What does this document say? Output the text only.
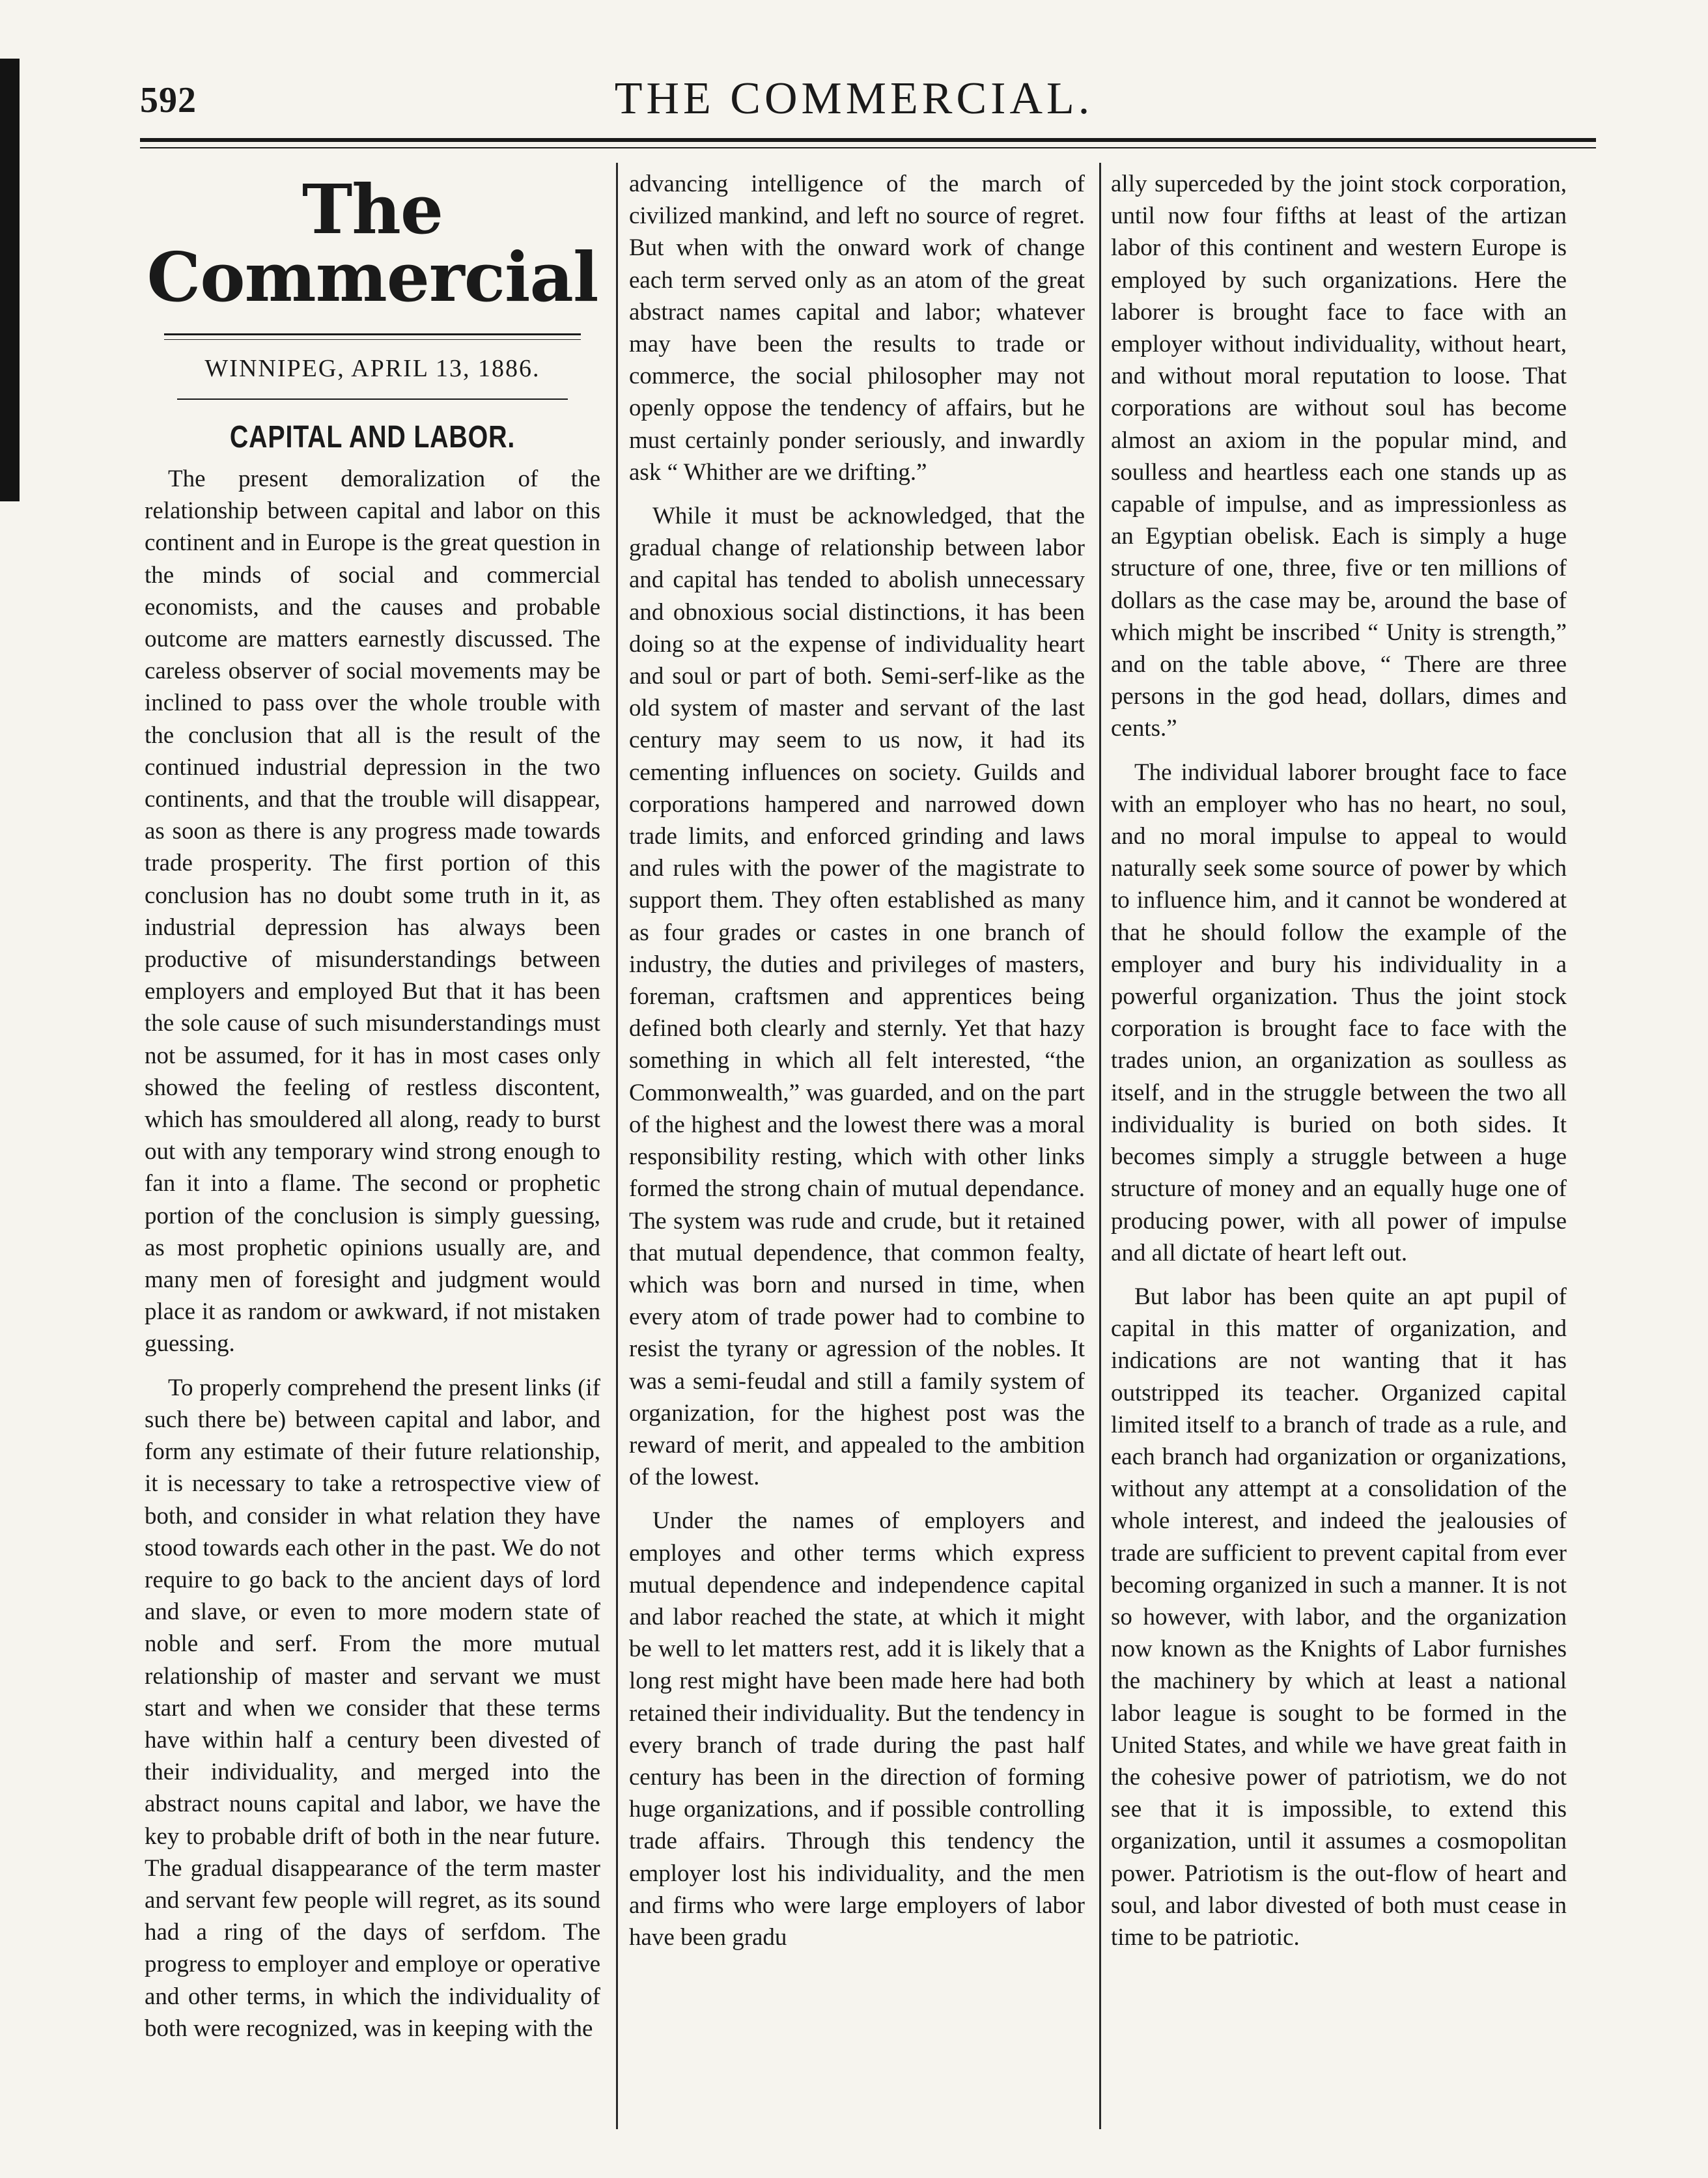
592	THE COMMERCIAL.
The Commercial
WINNIPEG, APRIL 13, 1886.
CAPITAL AND LABOR.

The present demoralization of the relationship between capital and labor on this continent and in Europe is the great question in the minds of social and commercial economists, and the causes and probable outcome are matters earnestly discussed. The careless observer of social movements may be inclined to pass over the whole trouble with the conclusion that all is the result of the continued industrial depression in the two continents, and that the trouble will disappear, as soon as there is any progress made towards trade prosperity. The first portion of this conclusion has no doubt some truth in it, as industrial depression has always been productive of misunderstandings between employers and employed But that it has been the sole cause of such misunderstandings must not be assumed, for it has in most cases only showed the feeling of restless discontent, which has smouldered all along, ready to burst out with any temporary wind strong enough to fan it into a flame. The second or prophetic portion of the conclusion is simply guessing, as most prophetic opinions usually are, and many men of foresight and judgment would place it as random or awkward, if not mistaken guessing.

To properly comprehend the present links (if such there be) between capital and labor, and form any estimate of their future relationship, it is necessary to take a retrospective view of both, and consider in what relation they have stood towards each other in the past. We do not require to go back to the ancient days of lord and slave, or even to more modern state of noble and serf. From the more mutual relationship of master and servant we must start and when we consider that these terms have within half a century been divested of their individuality, and merged into the abstract nouns capital and labor, we have the key to probable drift of both in the near future. The gradual disappearance of the term master and servant few people will regret, as its sound had a ring of the days of serfdom. The progress to employer and employe or operative and other terms, in which the individuality of both were recognized, was in keeping with the

advancing intelligence of the march of civilized mankind, and left no source of regret. But when with the onward work of change each term served only as an atom of the great abstract names capital and labor; whatever may have been the results to trade or commerce, the social philosopher may not openly oppose the tendency of affairs, but he must certainly ponder seriously, and inwardly ask “ Whither are we drifting.”

While it must be acknowledged, that the gradual change of relationship between labor and capital has tended to abolish unnecessary and obnoxious social distinctions, it has been doing so at the expense of individuality heart and soul or part of both. Semi-serf-like as the old system of master and servant of the last century may seem to us now, it had its cementing influences on society. Guilds and corporations hampered and narrowed down trade limits, and enforced grinding and laws and rules with the power of the magistrate to support them. They often established as many as four grades or castes in one branch of industry, the duties and privileges of masters, foreman, craftsmen and apprentices being defined both clearly and sternly. Yet that hazy something in which all felt interested, “the Commonwealth,” was guarded, and on the part of the highest and the lowest there was a moral responsibility resting, which with other links formed the strong chain of mutual dependance. The system was rude and crude, but it retained that mutual dependence, that common fealty, which was born and nursed in time, when every atom of trade power had to combine to resist the tyrany or agression of the nobles. It was a semi-feudal and still a family system of organization, for the highest post was the reward of merit, and appealed to the ambition of the lowest.

Under the names of employers and employes and other terms which express mutual dependence and independence capital and labor reached the state, at which it might be well to let matters rest, add it is likely that a long rest might have been made here had both retained their individuality. But the tendency in every branch of trade during the past half century has been in the direction of forming huge organizations, and if possible controlling trade affairs. Through this tendency the employer lost his individuality, and the men and firms who were large employers of labor have been gradu

ally superceded by the joint stock corporation, until now four fifths at least of the artizan labor of this continent and western Europe is employed by such organizations. Here the laborer is brought face to face with an employer without individuality, without heart, and without moral reputation to loose. That corporations are without soul has become almost an axiom in the popular mind, and soulless and heartless each one stands up as capable of impulse, and as impressionless as an Egyptian obelisk. Each is simply a huge structure of one, three, five or ten millions of dollars as the case may be, around the base of which might be inscribed “ Unity is strength,” and on the table above, “ There are three persons in the god head, dollars, dimes and cents.”

The individual laborer brought face to face with an employer who has no heart, no soul, and no moral impulse to appeal to would naturally seek some source of power by which to influence him, and it cannot be wondered at that he should follow the example of the employer and bury his individuality in a powerful organization. Thus the joint stock corporation is brought face to face with the trades union, an organization as soulless as itself, and in the struggle between the two all individuality is buried on both sides. It becomes simply a struggle between a huge structure of money and an equally huge one of producing power, with all power of impulse and all dictate of heart left out.

But labor has been quite an apt pupil of capital in this matter of organization, and indications are not wanting that it has outstripped its teacher. Organized capital limited itself to a branch of trade as a rule, and each branch had organization or organizations, without any attempt at a consolidation of the whole interest, and indeed the jealousies of trade are sufficient to prevent capital from ever becoming organized in such a manner. It is not so however, with labor, and the organization now known as the Knights of Labor furnishes the machinery by which at least a national labor league is sought to be formed in the United States, and while we have great faith in the cohesive power of patriotism, we do not see that it is impossible, to extend this organization, until it assumes a cosmopolitan power. Patriotism is the out-flow of heart and soul, and labor divested of both must cease in time to be patriotic.
